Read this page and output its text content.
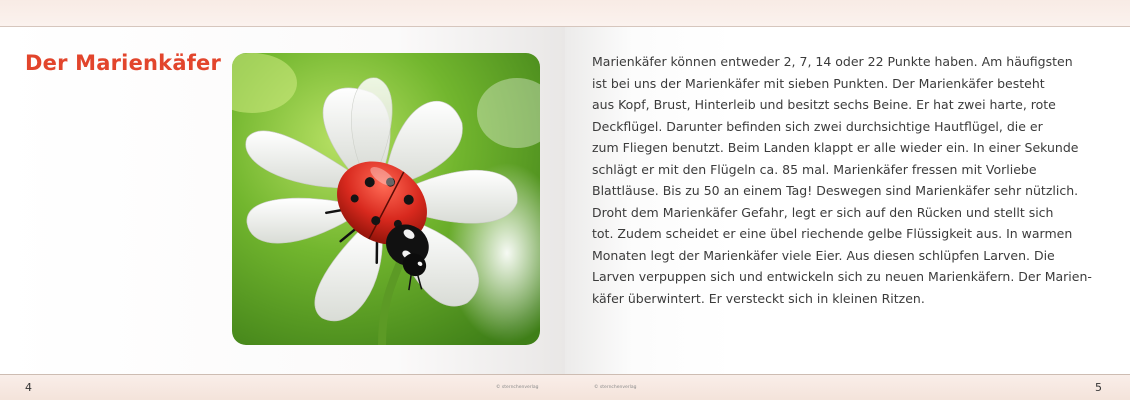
Der Marienkäfer
4	© sternchenverlag	5
© sternchenverlag

Marienkäfer können entweder 2, 7, 14 oder 22 Punkte haben. Am häufigsten
ist bei uns der Marienkäfer mit sieben Punkten. Der Marienkäfer besteht
aus Kopf, Brust, Hinterleib und besitzt sechs Beine. Er hat zwei harte, rote
Deckflügel. Darunter befinden sich zwei durchsichtige Hautflügel, die er
zum Fliegen benutzt. Beim Landen klappt er alle wieder ein. In einer Sekunde
schlägt er mit den Flügeln ca. 85 mal. Marienkäfer fressen mit Vorliebe
Blattläuse. Bis zu 50 an einem Tag! Deswegen sind Marienkäfer sehr nützlich.
Droht dem Marienkäfer Gefahr, legt er sich auf den Rücken und stellt sich
tot. Zudem scheidet er eine übel riechende gelbe Flüssigkeit aus. In warmen
Monaten legt der Marienkäfer viele Eier. Aus diesen schlüpfen Larven. Die
Larven verpuppen sich und entwickeln sich zu neuen Marienkäfern. Der Marien-
käfer überwintert. Er versteckt sich in kleinen Ritzen.
